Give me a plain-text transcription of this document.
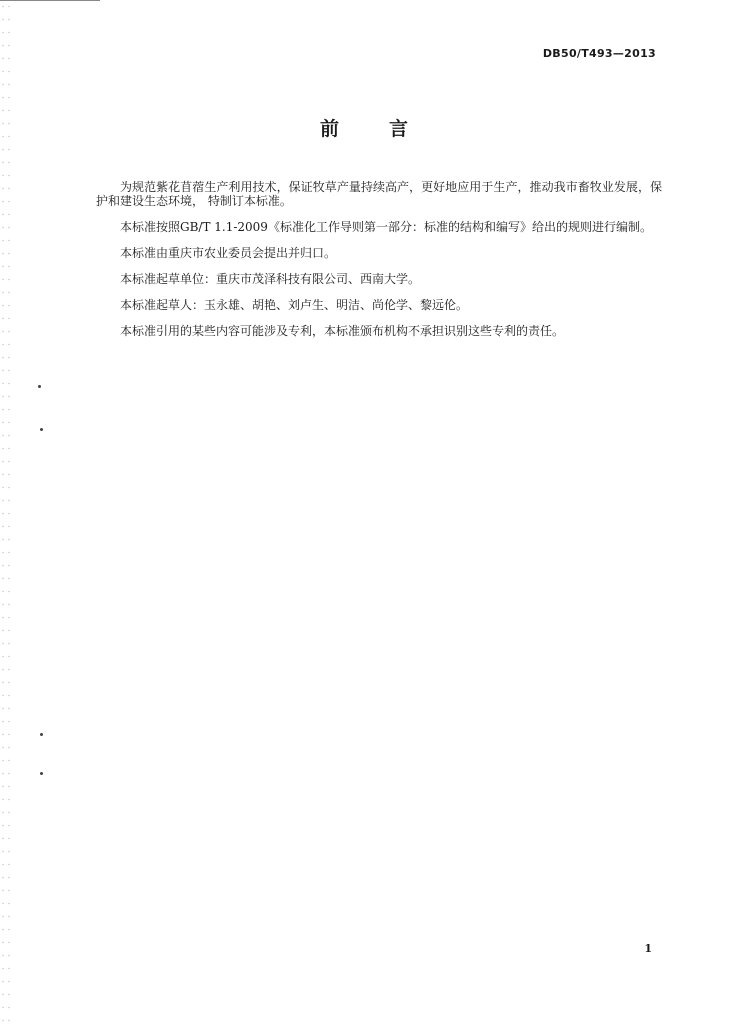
DB50/T493—2013
前	言

为规范紫花苜蓿生产利用技术，保证牧草产量持续高产，更好地应用于生产，推动我市畜牧业发展，保护和建设生态环境， 特制订本标准。

本标准按照GB/T 1.1-2009《标准化工作导则第一部分：标准的结构和编写》给出的规则进行编制。

本标准由重庆市农业委员会提出并归口。

本标准起草单位：重庆市茂泽科技有限公司、西南大学。

本标准起草人：玉永雄、胡艳、刘卢生、明洁、尚伦学、黎远伦。

本标准引用的某些内容可能涉及专利，本标准颁布机构不承担识别这些专利的责任。

1
